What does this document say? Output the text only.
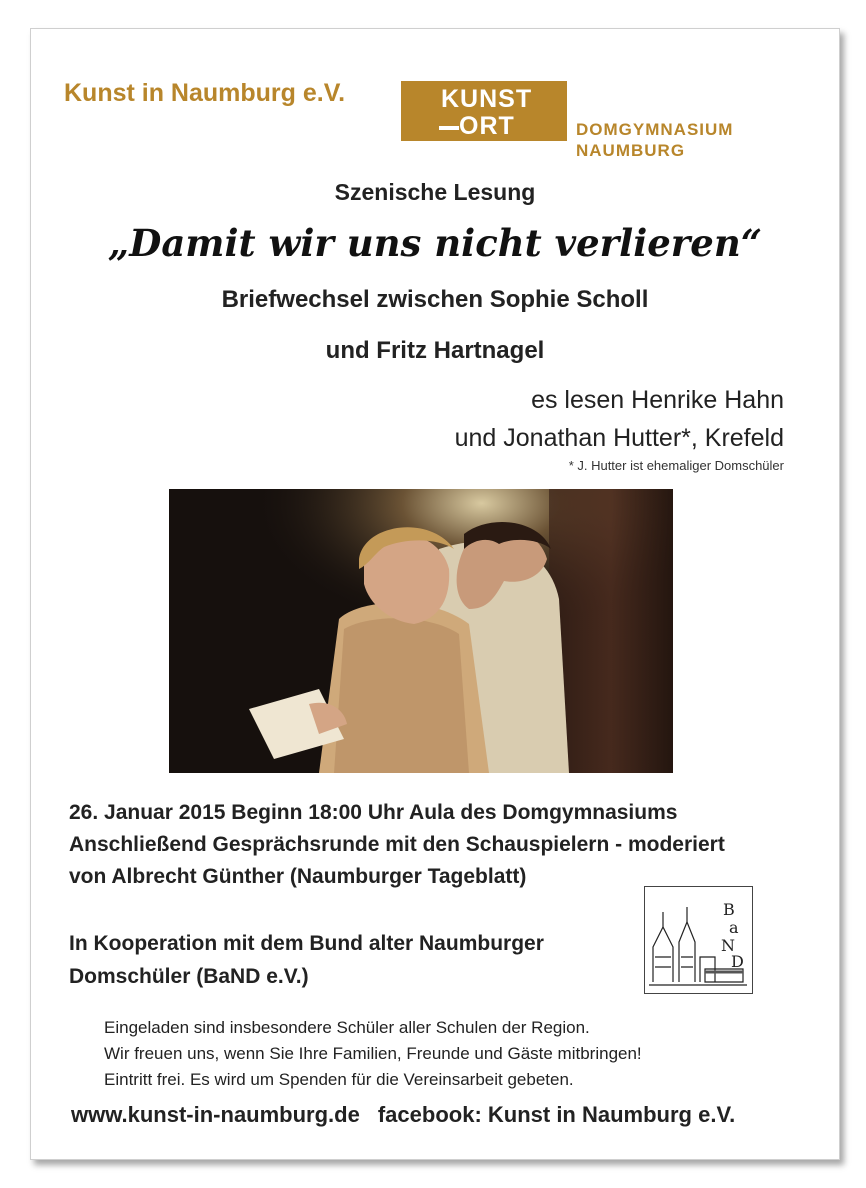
Kunst in Naumburg e.V.	KUNST
ORT	DOMGYMNASIUM
NAUMBURG
Szenische Lesung
„Damit wir uns nicht verlieren“
Briefwechsel zwischen Sophie Scholl
und Fritz Hartnagel
es lesen Henrike Hahn
und Jonathan Hutter*, Krefeld
* J. Hutter ist ehemaliger Domschüler
26. Januar 2015 Beginn 18:00 Uhr Aula des Domgymnasiums
Anschließend Gesprächsrunde mit den Schauspielern - moderiert
von Albrecht Günther (Naumburger Tageblatt)
In Kooperation mit dem Bund alter Naumburger
Domschüler (BaND e.V.)
B
a
N
D
Eingeladen sind insbesondere Schüler aller Schulen der Region.
Wir freuen uns, wenn Sie Ihre Familien, Freunde und Gäste mitbringen!
Eintritt frei. Es wird um Spenden für die Vereinsarbeit gebeten.
www.kunst-in-naumburg.de facebook: Kunst in Naumburg e.V.
